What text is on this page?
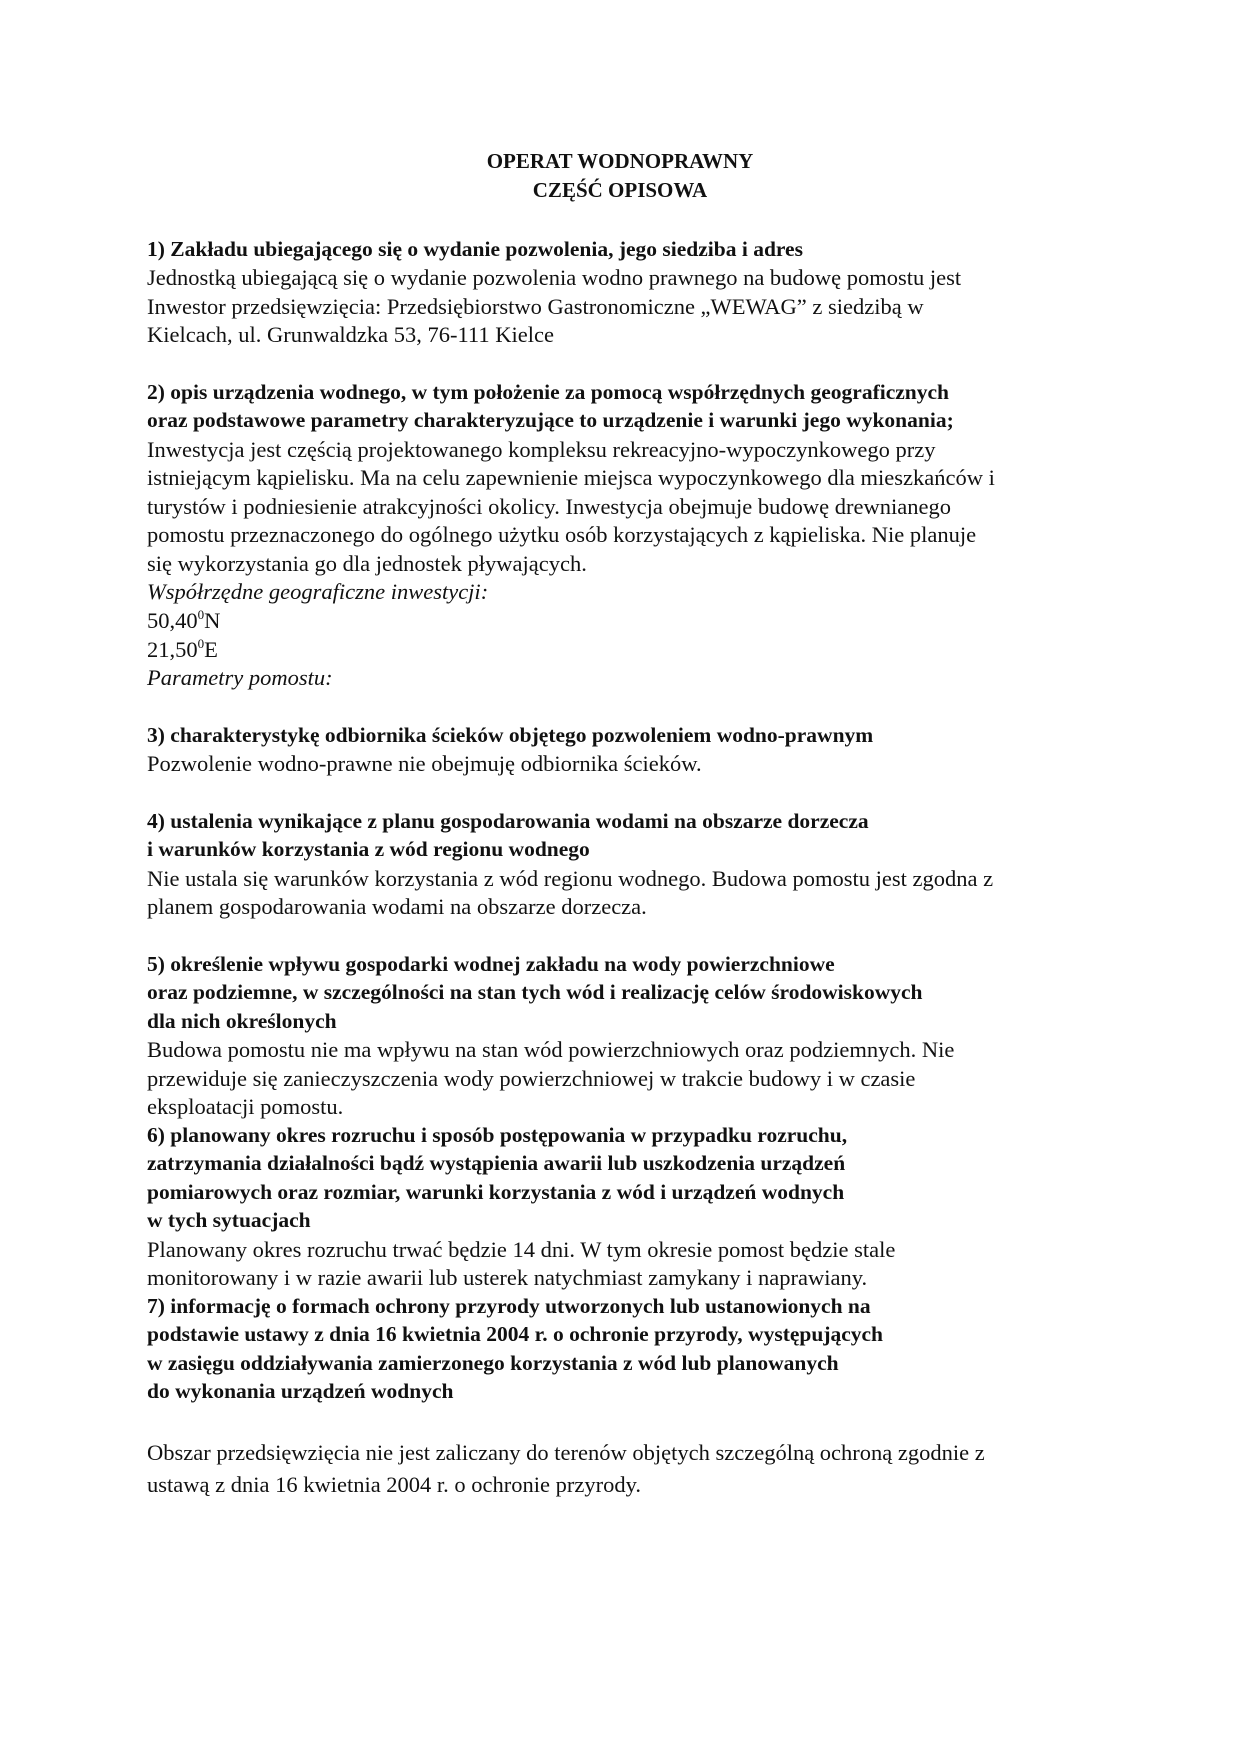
OPERAT WODNOPRAWNY
CZĘŚĆ OPISOWA
1) Zakładu ubiegającego się o wydanie pozwolenia, jego siedziba i adres
Jednostką ubiegającą się o wydanie pozwolenia wodno prawnego na budowę pomostu jest
Inwestor przedsięwzięcia: Przedsiębiorstwo Gastronomiczne „WEWAG” z siedzibą w
Kielcach, ul. Grunwaldzka 53, 76-111 Kielce
2) opis urządzenia wodnego, w tym położenie za pomocą współrzędnych geograficznych
oraz podstawowe parametry charakteryzujące to urządzenie i warunki jego wykonania;
Inwestycja jest częścią projektowanego kompleksu rekreacyjno-wypoczynkowego przy
istniejącym kąpielisku. Ma na celu zapewnienie miejsca wypoczynkowego dla mieszkańców i
turystów i podniesienie atrakcyjności okolicy. Inwestycja obejmuje budowę drewnianego
pomostu przeznaczonego do ogólnego użytku osób korzystających z kąpieliska. Nie planuje
się wykorzystania go dla jednostek pływających.
Współrzędne geograficzne inwestycji:
50,40$^0$N
21,50$^0$E
Parametry pomostu:
3) charakterystykę odbiornika ścieków objętego pozwoleniem wodno-prawnym
Pozwolenie wodno-prawne nie obejmuję odbiornika ścieków.
4) ustalenia wynikające z planu gospodarowania wodami na obszarze dorzecza
i warunków korzystania z wód regionu wodnego
Nie ustala się warunków korzystania z wód regionu wodnego. Budowa pomostu jest zgodna z
planem gospodarowania wodami na obszarze dorzecza.
5) określenie wpływu gospodarki wodnej zakładu na wody powierzchniowe
oraz podziemne, w szczególności na stan tych wód i realizację celów środowiskowych
dla nich określonych
Budowa pomostu nie ma wpływu na stan wód powierzchniowych oraz podziemnych. Nie
przewiduje się zanieczyszczenia wody powierzchniowej w trakcie budowy i w czasie
eksploatacji pomostu.
6) planowany okres rozruchu i sposób postępowania w przypadku rozruchu,
zatrzymania działalności bądź wystąpienia awarii lub uszkodzenia urządzeń
pomiarowych oraz rozmiar, warunki korzystania z wód i urządzeń wodnych
w tych sytuacjach
Planowany okres rozruchu trwać będzie 14 dni. W tym okresie pomost będzie stale
monitorowany i w razie awarii lub usterek natychmiast zamykany i naprawiany.
7) informację o formach ochrony przyrody utworzonych lub ustanowionych na
podstawie ustawy z dnia 16 kwietnia 2004 r. o ochronie przyrody, występujących
w zasięgu oddziaływania zamierzonego korzystania z wód lub planowanych
do wykonania urządzeń wodnych
Obszar przedsięwzięcia nie jest zaliczany do terenów objętych szczególną ochroną zgodnie z
ustawą z dnia 16 kwietnia 2004 r. o ochronie przyrody.
